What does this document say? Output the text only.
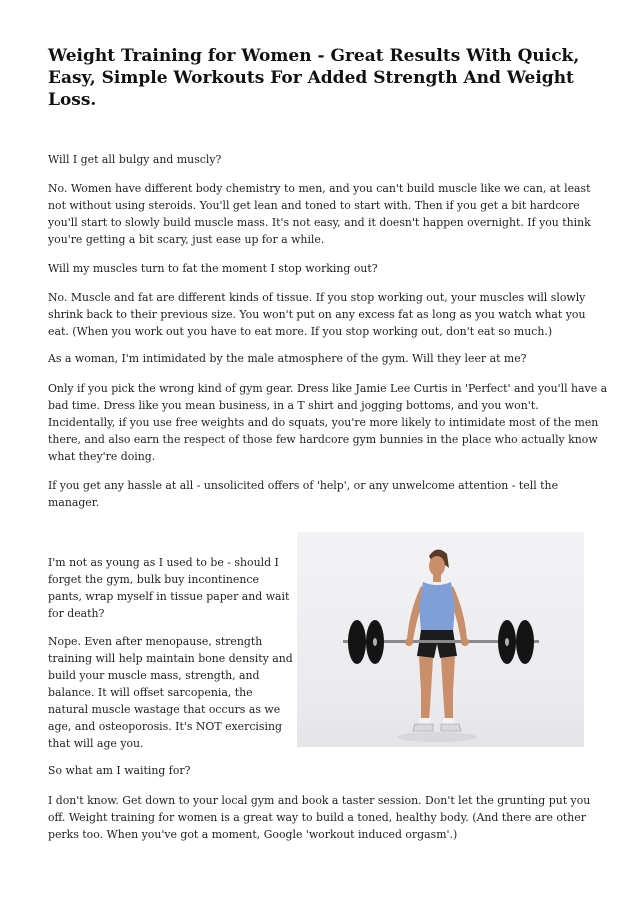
Weight Training for Women - Great Results With Quick, Easy, Simple Workouts For Added Strength And Weight Loss.

Will I get all bulgy and muscly?

No. Women have different body chemistry to men, and you can't build muscle like we can, at least not without using steroids. You'll get lean and toned to start with. Then if you get a bit hardcore you'll start to slowly build muscle mass. It's not easy, and it doesn't happen overnight. If you think you're getting a bit scary, just ease up for a while.

Will my muscles turn to fat the moment I stop working out?

No. Muscle and fat are different kinds of tissue. If you stop working out, your muscles will slowly shrink back to their previous size. You won't put on any excess fat as long as you watch what you eat. (When you work out you have to eat more. If you stop working out, don't eat so much.)

As a woman, I'm intimidated by the male atmosphere of the gym. Will they leer at me?

Only if you pick the wrong kind of gym gear. Dress like Jamie Lee Curtis in 'Perfect' and you'll have a bad time. Dress like you mean business, in a T shirt and jogging bottoms, and you won't. Incidentally, if you use free weights and do squats, you're more likely to intimidate most of the men there, and also earn the respect of those few hardcore gym bunnies in the place who actually know what they're doing.

If you get any hassle at all - unsolicited offers of 'help', or any unwelcome attention - tell the manager.

I'm not as young as I used to be - should I forget the gym, bulk buy incontinence pants, wrap myself in tissue paper and wait for death?

Nope. Even after menopause, strength training will help maintain bone density and build your muscle mass, strength, and balance. It will offset sarcopenia, the natural muscle wastage that occurs as we age, and osteoporosis. It's NOT exercising that will age you.

So what am I waiting for?

I don't know. Get down to your local gym and book a taster session. Don't let the grunting put you off. Weight training for women is a great way to build a toned, healthy body. (And there are other perks too. When you've got a moment, Google 'workout induced orgasm'.)
